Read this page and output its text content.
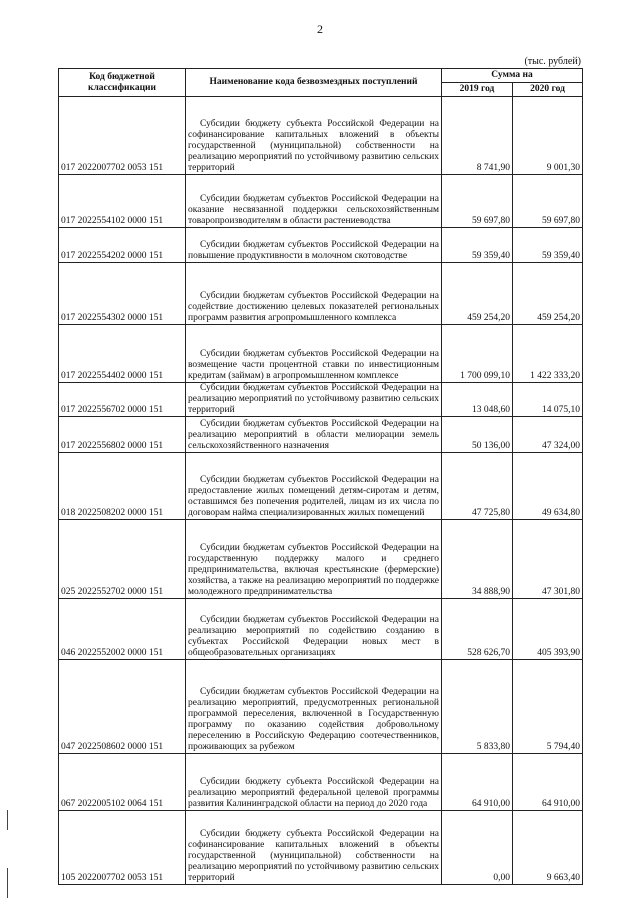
2
(тыс. рублей)
Код бюджетной классификации	Наименование кода безвозмездных поступлений	Сумма на	
		2019 год	2020 год
017 2022007702 0053 151	Субсидии бюджету субъекта Российской Федерации на софинансирование капитальных вложений в объекты государственной (муниципальной) собственности на реализацию мероприятий по устойчивому развитию сельских территорий	8 741,90	9 001,30
017 2022554102 0000 151	Субсидии бюджетам субъектов Российской Федерации на оказание несвязанной поддержки сельскохозяйственным товаропроизводителям в области растениеводства	59 697,80	59 697,80
017 2022554202 0000 151	Субсидии бюджетам субъектов Российской Федерации на повышение продуктивности в молочном скотоводстве	59 359,40	59 359,40
017 2022554302 0000 151	Субсидии бюджетам субъектов Российской Федерации на содействие достижению целевых показателей региональных программ развития агропромышленного комплекса	459 254,20	459 254,20
017 2022554402 0000 151	Субсидии бюджетам субъектов Российской Федерации на возмещение части процентной ставки по инвестиционным кредитам (займам) в агропромышленном комплексе	1 700 099,10	1 422 333,20
017 2022556702 0000 151	Субсидии бюджетам субъектов Российской Федерации на реализацию мероприятий по устойчивому развитию сельских территорий	13 048,60	14 075,10
017 2022556802 0000 151	Субсидии бюджетам субъектов Российской Федерации на реализацию мероприятий в области мелиорации земель сельскохозяйственного назначения	50 136,00	47 324,00
018 2022508202 0000 151	Субсидии бюджетам субъектов Российской Федерации на предоставление жилых помещений детям-сиротам и детям, оставшимся без попечения родителей, лицам из их числа по договорам найма специализированных жилых помещений	47 725,80	49 634,80
025 2022552702 0000 151	Субсидии бюджетам субъектов Российской Федерации на государственную поддержку малого и среднего предпринимательства, включая крестьянские (фермерские) хозяйства, а также на реализацию мероприятий по поддержке молодежного предпринимательства	34 888,90	47 301,80
046 2022552002 0000 151	Субсидии бюджетам субъектов Российской Федерации на реализацию мероприятий по содействию созданию в субъектах Российской Федерации новых мест в общеобразовательных организациях	528 626,70	405 393,90
047 2022508602 0000 151	Субсидии бюджетам субъектов Российской Федерации на реализацию мероприятий, предусмотренных региональной программой переселения, включенной в Государственную программу по оказанию содействия добровольному переселению в Российскую Федерацию соотечественников, проживающих за рубежом	5 833,80	5 794,40
067 2022005102 0064 151	Субсидии бюджету субъекта Российской Федерации на реализацию мероприятий федеральной целевой программы развития Калининградской области на период до 2020 года	64 910,00	64 910,00
105 2022007702 0053 151	Субсидии бюджету субъекта Российской Федерации на софинансирование капитальных вложений в объекты государственной (муниципальной) собственности на реализацию мероприятий по устойчивому развитию сельских территорий	0,00	9 663,40
